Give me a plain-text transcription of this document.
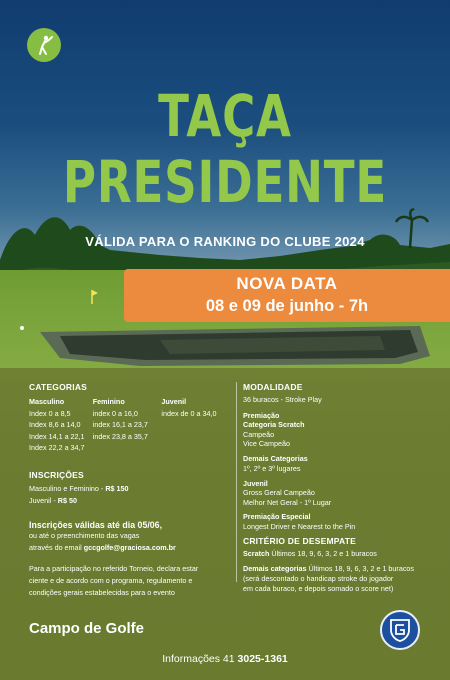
TAÇA
PRESIDENTE
VÁLIDA PARA O RANKING DO CLUBE 2024
NOVA DATA
08 e 09 de junho - 7h
CATEGORIAS
Masculino
Index 0 a 8,5
Index 8,6 a 14,0
Index 14,1 a 22,1
Index 22,2 a 34,7
Feminino
index 0 a 16,0
index 16,1 a 23,7
index 23,8 a 35,7
Juvenil
index de 0 a 34,0
INSCRIÇÕES
Masculino e Feminino - R$ 150
Juvenil - R$ 50
Inscrições válidas até dia 05/06,
ou até o preenchimento das vagas
através do email gccgolfe@graciosa.com.br
Para a participação no referido Torneio, declara estar
ciente e de acordo com o programa, regulamento e
condições gerais estabelecidas para o evento
MODALIDADE
36 buracos - Stroke Play
Premiação
Categoria Scratch
Campeão
Vice Campeão
Demais Categorias
1º, 2º e 3º lugares
Juvenil
Gross Geral Campeão
Melhor Net Geral - 1º Lugar
Premiação Especial
Longest Driver e Nearest to the Pin
CRITÉRIO DE DESEMPATE
Scratch Últimos 18, 9, 6, 3, 2 e 1 buracos
Demais categorias Últimos 18, 9, 6, 3, 2 e 1 buracos
(será descontado o handicap stroke do jogador
em cada buraco, e depois somado o score net)
Campo de Golfe
Informações 41 3025-1361
